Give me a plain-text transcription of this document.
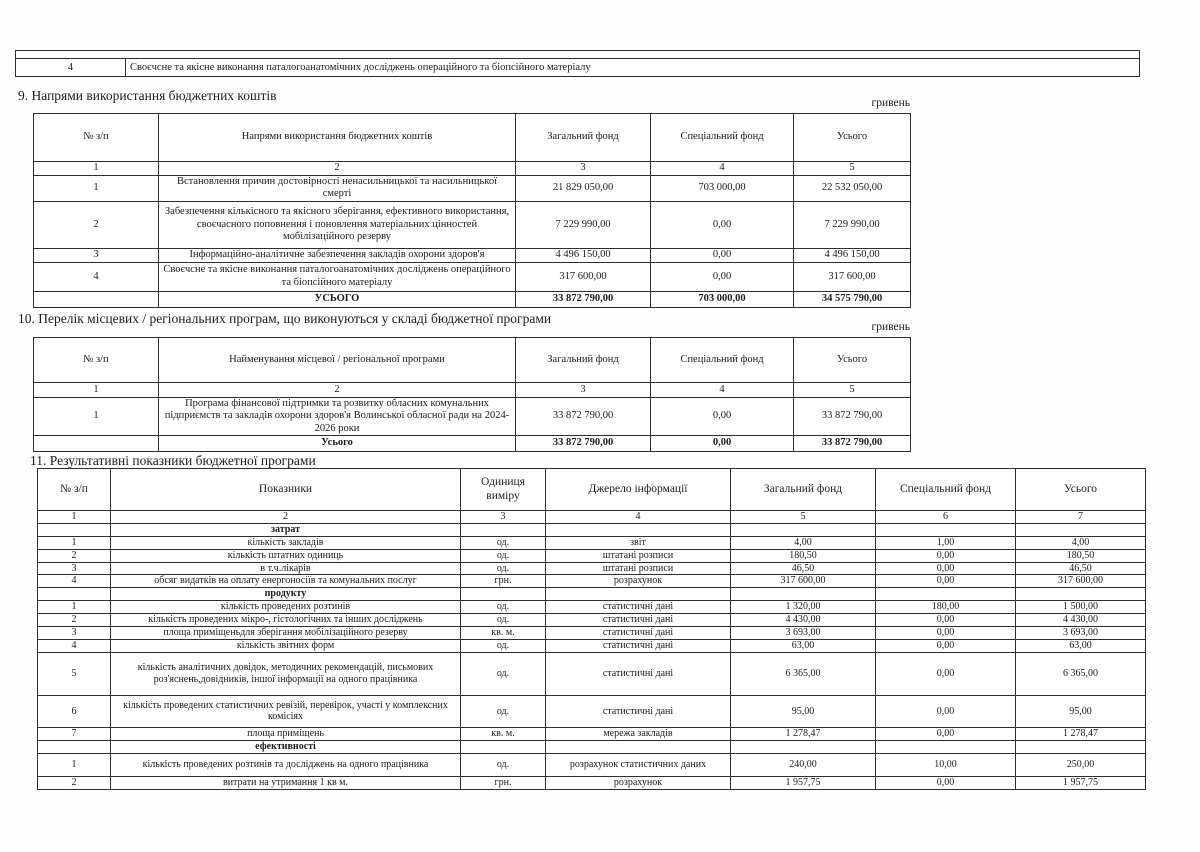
4	Своєчсне та якісне виконання паталогоанатомічних досліджень операційного та біопсійного матеріалу
9. Напрями використання бюджетних коштів	гривень
№ з/п	Напрями використання бюджетних коштів	Загальний фонд	Спеціальний фонд	Усього
1	2	3	4	5
1	Встановлення причин достовірності ненасильницької та насильницької смерті	21 829 050,00	703 000,00	22 532 050,00
2	Забезпечення кількісного та якісного зберігання, ефективного використання, своєчасного поповнення і поновлення матеріальних цінностей мобілізаційного резерву	7 229 990,00	0,00	7 229 990,00
3	Інформаційно-аналітичне забезпечення закладів охорони здоров'я	4 496 150,00	0,00	4 496 150,00
4	Своєчсне та якісне виконання паталогоанатомічних досліджень операційного та біопсійного матеріалу	317 600,00	0,00	317 600,00
	УСЬОГО	33 872 790,00	703 000,00	34 575 790,00
10. Перелік місцевих / регіональних програм, що виконуються у складі бюджетної програми
гривень
№ з/п	Найменування місцевої / регіональної програми	Загальний фонд	Спеціальний фонд	Усього
1	2	3	4	5
1	Програма фінансової підтримки та розвитку обласних комунальних підприємств та закладів охорони здоров'я Волинської обласної ради на 2024-2026 роки	33 872 790,00	0,00	33 872 790,00
	Усього	33 872 790,00	0,00	33 872 790,00
11. Результативні показники бюджетної програми
№ з/п	Показники	Одиниця виміру	Джерело інформації	Загальний фонд	Спеціальний фонд	Усього
1	2	3	4	5	6	7
	затрат					
1	кількість закладів	од.	звіт	4,00	1,00	4,00
2	кількість штатних одиниць	од.	штатані розписи	180,50	0,00	180,50
3	в т.ч.лікарів	од.	штатані розписи	46,50	0,00	46,50
4	обсяг видатків на оплату енергоносіїв та комунальних послуг	грн.	розрахунок	317 600,00	0,00	317 600,00
	продукту					
1	кількість проведених розтинів	од.	статистичні дані	1 320,00	180,00	1 500,00
2	кількість проведених мікро-, гістологічних та інших досліджень	од.	статистичні дані	4 430,00	0,00	4 430,00
3	площа приміщеньдля зберігання мобілізаційного резерву	кв. м.	статистичні дані	3 693,00	0,00	3 693,00
4	кількість звітних форм	од.	статистичні дані	63,00	0,00	63,00
5	кількість аналітичних довідок, методичних рекомендацій, письмових роз'яснень,довідників, іншої інформації на одного працівника	од.	статистичні дані	6 365,00	0,00	6 365,00
6	кількість проведених статистичних ревізій, перевірок, участі у комплексних комісіях	од.	статистичні дані	95,00	0,00	95,00
7	площа приміщень	кв. м.	мережа закладів	1 278,47	0,00	1 278,47
	ефективності					
1	кількість проведених розтинів та досліджень на одного працівника	од.	розрахунок статистичних даних	240,00	10,00	250,00
2	витрати на утримання 1 кв м.	грн.	розрахунок	1 957,75	0,00	1 957,75
